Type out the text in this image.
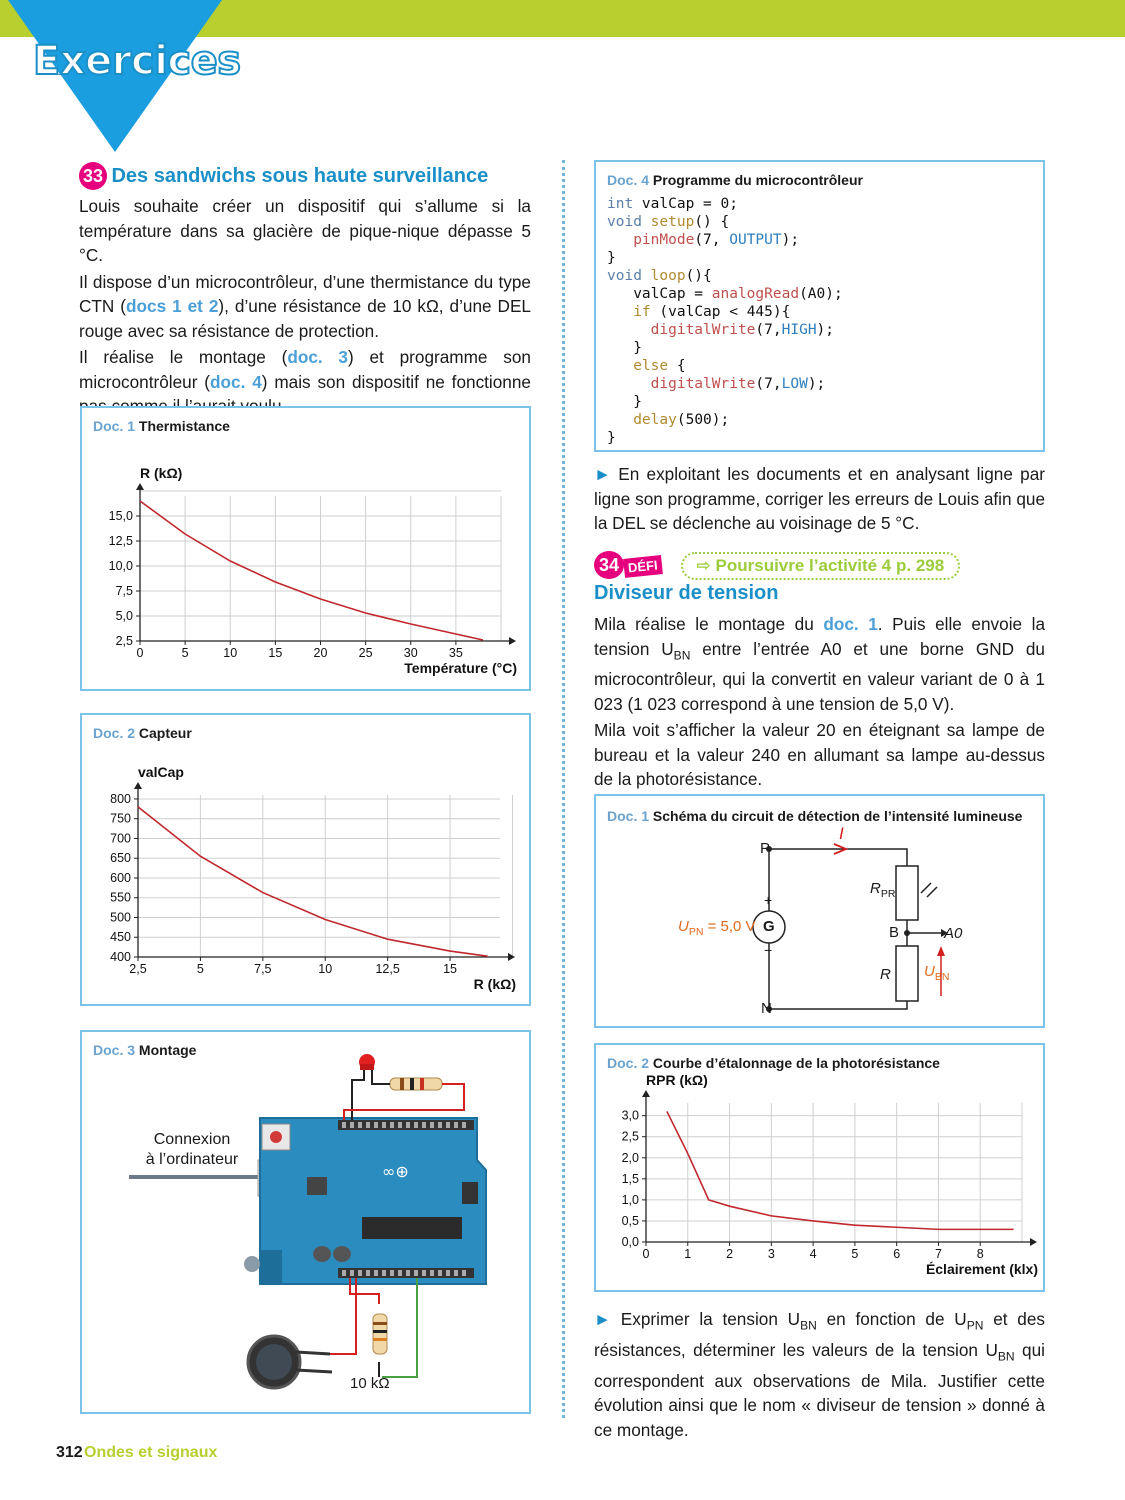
Exercices
33 Des sandwichs sous haute surveillance

Louis souhaite créer un dispositif qui s’allume si la température dans sa glacière de pique-nique dépasse 5 °C.

Il dispose d’un microcontrôleur, d’une thermistance du type CTN (docs 1 et 2), d’une résistance de 10 kΩ, d’une DEL rouge avec sa résistance de protection.

Il réalise le montage (doc. 3) et programme son microcontrôleur (doc. 4) mais son dispositif ne fonctionne

Doc. 1 Thermistance
0	5	10 15 20 25 30 35
2,5
5,0
7,5
10,0
12,5
15,0
Température (°C)
R (kΩ)
Doc. 2 Capteur
2,5	5	7,5	10	12,5	15
400
450
500
550
600
650
700
750
800
R (kΩ)
valCap
Doc. 3 Montage
Connexion
à l’ordinateur
∞⊕
10 kΩ
Doc. 4 Programme du microcontrôleur
int valCap = 0;
void setup() {
pinMode(7, OUTPUT);
}
void loop(){
valCap = analogRead(A0);
if (valCap < 445){
digitalWrite(7,HIGH);
}
else {
digitalWrite(7,LOW);
}
delay(500);
}

► En exploitant les documents et en analysant ligne par ligne son programme, corriger les erreurs de Louis afin que la DEL se déclenche au voisinage de 5 °C.
34 DÉFI ⇨ Poursuivre l’activité 4 p. 298
Diviseur de tension

Mila réalise le montage du doc. 1. Puis elle envoie la tension $U_{BN}$ entre l’entrée A0 et une borne GND du microcontrôleur, qui la convertit en valeur variant de 0 à 1 023 (1 023 correspond à une tension de 5,0 V).

Mila voit s’afficher la valeur 20 en éteignant sa lampe de bureau et la valeur 240 en allumant sa lampe au-dessus de la photorésistance.

Doc. 1 Schéma du circuit de détection de l’intensité lumineuse
P
N
B	A0
I
G
+
−
$U_{PN} = 5,0$ V
$R_{PR}$
R $U_{BN}$
Doc. 2 Courbe d’étalonnage de la photorésistance
0	1	2	3	4	5	6	7	8
0,0
0,5
1,0
1,5
2,0
2,5
3,0
Éclairement (klx)
RPR (kΩ)
► Exprimer la tension $U_{BN}$ en fonction de $U_{PN}$ et des résistances, déterminer les valeurs de la tension $U_{BN}$ qui correspondent aux observations de Mila. Justifier cette évolution ainsi que le nom « diviseur de tension » donné à ce montage.
312 Ondes et signaux
